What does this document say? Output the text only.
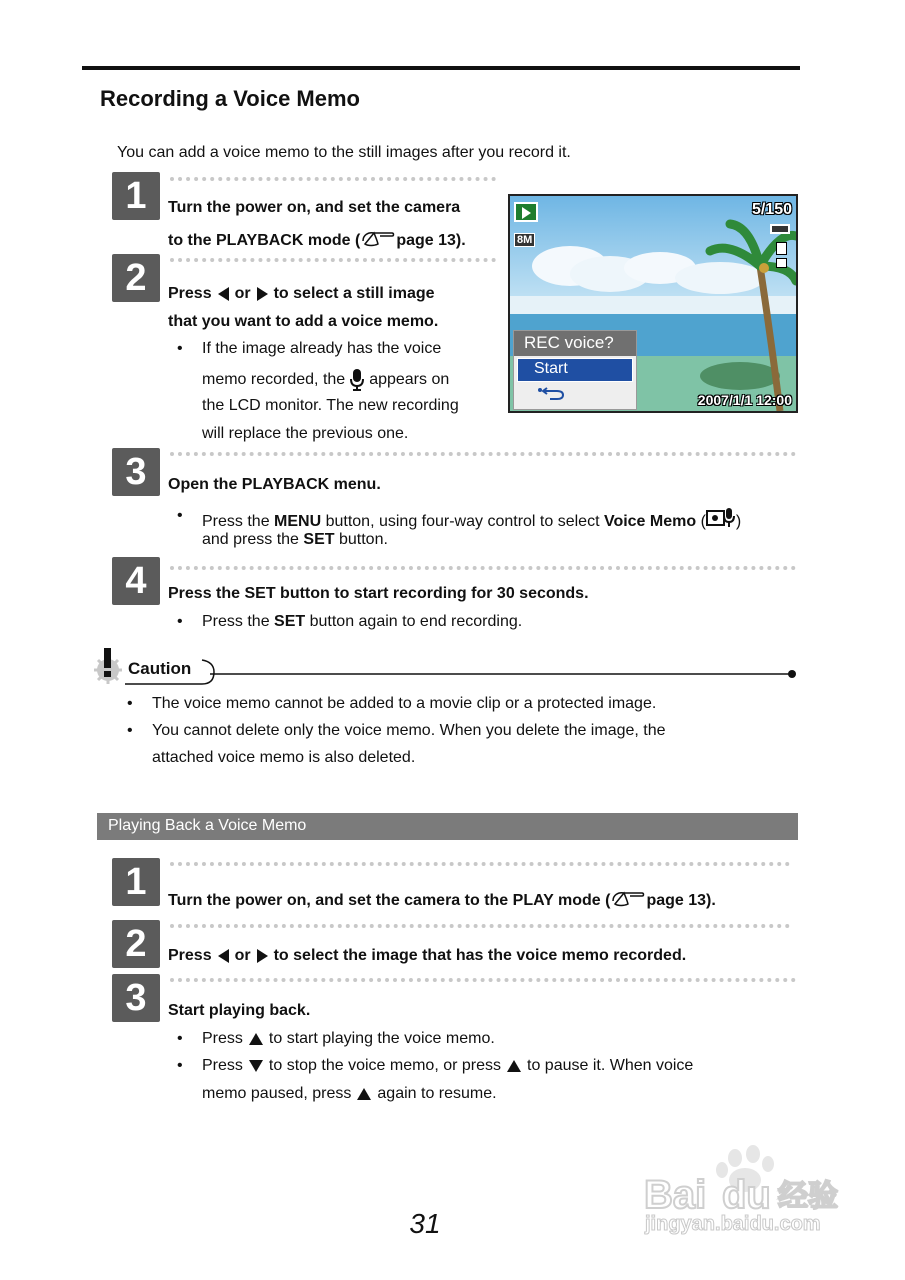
Recording a Voice Memo
You can add a voice memo to the still images after you record it.
1	Turn the power on, and set the camera
to the PLAYBACK mode ( page 13).
2	Press or to select a still image
that you want to add a voice memo.
• If the image already has the voice
memo recorded, the appears on
the LCD monitor. The new recording
will replace the previous one.
5/150
8M
REC voice?
Start
2007/1/1 12:00
3	Open the PLAYBACK menu.
• Press the MENU button, using four-way control to select Voice Memo ( )
and press the SET button.
4	Press the SET button to start recording for 30 seconds.
• Press the SET button again to end recording.
Caution
• The voice memo cannot be added to a movie clip or a protected image.
• You cannot delete only the voice memo. When you delete the image, the
attached voice memo is also deleted.
Playing Back a Voice Memo
1	Turn the power on, and set the camera to the PLAY mode ( page 13).
2	Press or to select the image that has the voice memo recorded.
3	Start playing back.
• Press to start playing the voice memo.
• Press to stop the voice memo, or press to pause it. When voice
memo paused, press again to resume.
Bai du 经验
jingyan.baidu.com
31
